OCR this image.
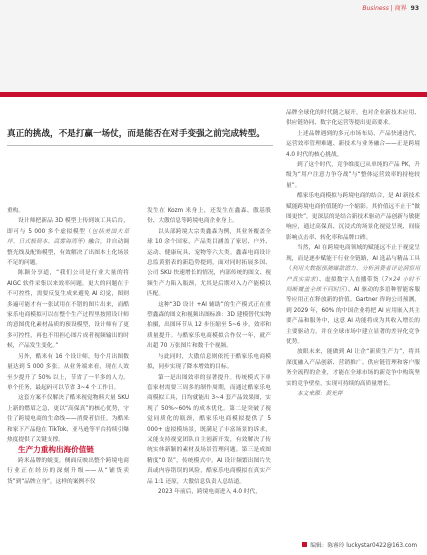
Business | 商界 93
真正的挑战，不是打赢一场仗，而是能否在对手变强之前完成转型。

重构。

设计师把新品 3D 模型上传到该工具后台，即可与 5 000 多个虚拟模型（包括美国大草坪、日式极简本、高雾海湾等）融合，并自动调整光线及配饰模型，有效解决了出图本土化场景不足的问题。

陈颖分享道，“我们公司是行业大量的将 AIGC 软件采集以来效率问题，更大的问题在于不可控性，需要反复生成来避免 AI 幻觉，图则多遍可能才有一张试用在不错的图片出来，而酷家乐电商模拟可以在整个生产过程里按照设计师的意图优化素材品质的预设模型，设计师有了更多可控性，再也不用担心图片成者视频输出的时候，产品发生变化。”

另外，酷米有 16 个设计师，每个月出图数量达到 5 000 多张。从业务端来看，现在人效至少提升了 50% 以上，节省了一半多的人力。单个任务，最起码可以节省 3~4 个工作日。

这套方案不仅解决了酷米视觉物料大量 SKU 上新的燃眉之急，更以“高保真”的核心优势，守住了跨境电商的生命线——消费者信任。为酷米和家下产品他在 TikTok、亚马逊等平台持续引爆热度提供了关键支撑。

生产力重构出海价值链

跨米品牌的蜕变，侧面反映出整个跨境电商行业正在经历的深刻升级——从“铺货卖货”到“品牌立身”，这样的案例不仅

发生在 Kozm 米身上，还发生在鑫森、傲基股份、大傲信息等跨境电商企业身上。

以头部跨境大宗类鑫森为例，其业务覆盖全球 10 余个国家，产品类目涵盖了家居、户外、运动、健康玩具、宠物等六大类。鑫森电商设计总监黄猎表的新趋势提到，面对同时拓展多国、公司 SKU 快速增长的情况，内部传统的图文、视频生产力陷入瓶颈，尤其是后期对入力产能模以匹配。

这种“3D 设计 +AI 辅助”的生产模式正在重塑鑫森的图文和视频出图标准：3D 建模替代实物拍摄，出图环节从 12 步压缩至 5~6 步，效率和质量提升。与酷家乐电商模拟合作仅一年，就产出超 70 万张图片和数千个视频。

与此同时，大傲信息则依托于酷家乐电商模拟，同步实现了降本增效的目标。

第一是出图效率的显著提升。传统模式下单套家材需要三周多的制作周期，而通过酷家乐电商模拟工具，日均就能出 3~4 套产品效果图，实现了 50%~60% 的成本优化。第二是突破了视觉同质化的瓶颈，酷家乐电商模拟提供了 5 000+ 虚拟模场景，既满足了丰富场景的诉求，又能支持视觉团队自主创新开发，有效解决了传统实体新颖的素材及场景管理问题。第三是成图精度“0 误”，传统模式中，AI 设计频繁出图片失真或内容错误的风险，酷家乐电商模拟在真实产品 1:1 还原，大傲信息负责人总结道。

2023 年前后，跨境电商进入 4.0 时代，

品牌全球化的时代随之展开，也对企业新技术应用、供应链协同、数字化运营等提出更高要求。

上述品牌遇到的多元市场布局、产品快速迭代、运营效率管理难题、新技术与业务融合——正是跨境 4.0 时代的核心挑战。

到了这个时代，竞争维度已从单纯的产品 PK，升级为“用户注意力争夺战”与“整体运营效率的持枪较量”。

酷家乐电商模拟与跨境电商的结合，是 AI 新技术赋能跨境电商价值链的一个缩影。其价值远不止于“做图更快”，更深层的是结合新技术驱动产品创新与敏捷响应，通过高保真、沉浸式的场景化视觉呈现，间接影响点击率、转化率和品牌口碑。

当然，AI 在跨境电商领域的赋能远不止于视觉呈现，而是逐步赋能于行业全链路，AI 选品与精品工具（利用大数据预测爆款潜力、分析消费者评论洞察用户真实需求）、虚拟数字人直播带货（7×24 小时不间断覆盖全球不同时区）、AI 驱动的多语种智能客服等应用正在释放新的价值。Gartner 咨询公司预测，到 2029 年，60% 的中国企业将把 AI 应用嵌入其主要产品和服务中，这意 AI 功能将成为其收入增长的主要驱动力，并在全球市场中建立显著的差异化竞争优势。

放眼未来，能做到 AI 让企“新质生产力”，将其深度融入产品创新、营销推广、供应链管理和客户服务全流程的企业，才能在全球市场的新竞争中构筑坚实的竞争壁垒，实现可持续的高质量增长。

本文来源：黄光祥

编辑：陈睿玲 luckystar0422@163.com
